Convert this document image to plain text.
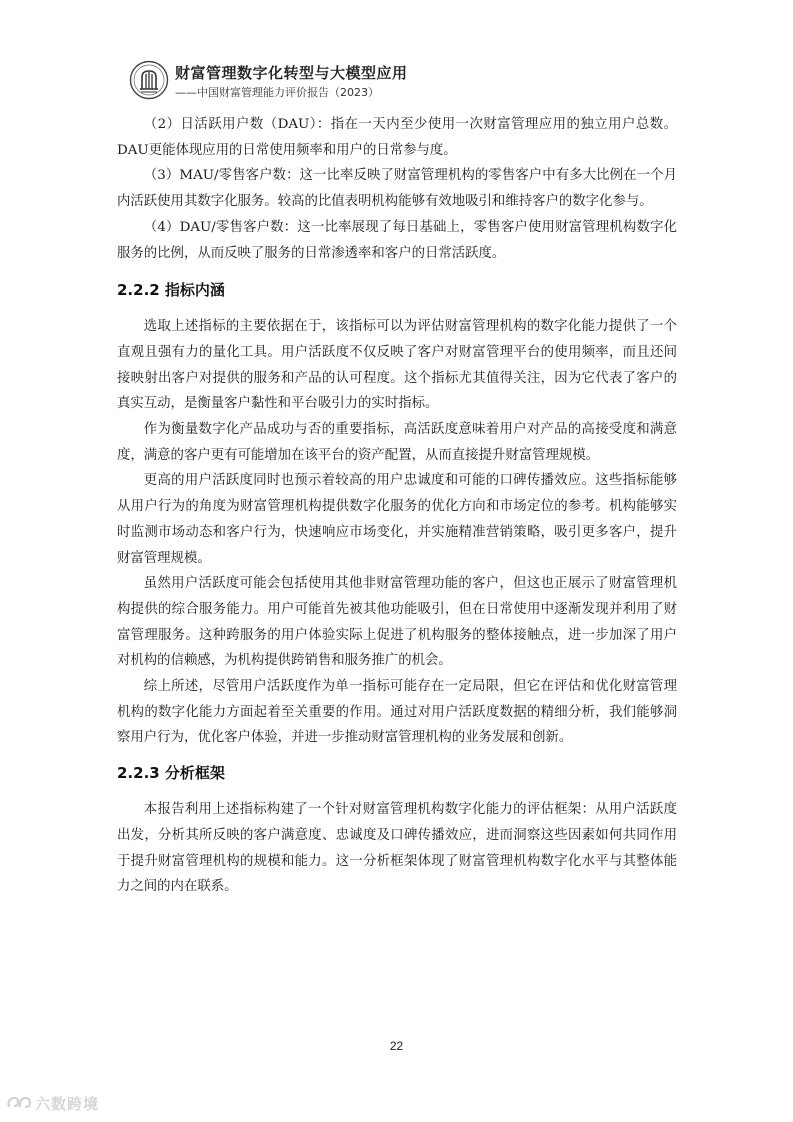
财富管理数字化转型与大模型应用
——中国财富管理能力评价报告（2023）

（2）日活跃用户数（DAU）：指在一天内至少使用一次财富管理应用的独立用户总数。DAU更能体现应用的日常使用频率和用户的日常参与度。

（3）MAU/零售客户数：这一比率反映了财富管理机构的零售客户中有多大比例在一个月内活跃使用其数字化服务。较高的比值表明机构能够有效地吸引和维持客户的数字化参与。

（4）DAU/零售客户数：这一比率展现了每日基础上，零售客户使用财富管理机构数字化服务的比例，从而反映了服务的日常渗透率和客户的日常活跃度。

2.2.2 指标内涵

选取上述指标的主要依据在于，该指标可以为评估财富管理机构的数字化能力提供了一个直观且强有力的量化工具。用户活跃度不仅反映了客户对财富管理平台的使用频率，而且还间接映射出客户对提供的服务和产品的认可程度。这个指标尤其值得关注，因为它代表了客户的真实互动，是衡量客户黏性和平台吸引力的实时指标。

作为衡量数字化产品成功与否的重要指标，高活跃度意味着用户对产品的高接受度和满意度，满意的客户更有可能增加在该平台的资产配置，从而直接提升财富管理规模。

更高的用户活跃度同时也预示着较高的用户忠诚度和可能的口碑传播效应。这些指标能够从用户行为的角度为财富管理机构提供数字化服务的优化方向和市场定位的参考。机构能够实时监测市场动态和客户行为，快速响应市场变化，并实施精准营销策略，吸引更多客户，提升财富管理规模。

虽然用户活跃度可能会包括使用其他非财富管理功能的客户，但这也正展示了财富管理机构提供的综合服务能力。用户可能首先被其他功能吸引，但在日常使用中逐渐发现并利用了财富管理服务。这种跨服务的用户体验实际上促进了机构服务的整体接触点，进一步加深了用户对机构的信赖感，为机构提供跨销售和服务推广的机会。

综上所述，尽管用户活跃度作为单一指标可能存在一定局限，但它在评估和优化财富管理机构的数字化能力方面起着至关重要的作用。通过对用户活跃度数据的精细分析，我们能够洞察用户行为，优化客户体验，并进一步推动财富管理机构的业务发展和创新。

2.2.3 分析框架

本报告利用上述指标构建了一个针对财富管理机构数字化能力的评估框架：从用户活跃度出发，分析其所反映的客户满意度、忠诚度及口碑传播效应，进而洞察这些因素如何共同作用于提升财富管理机构的规模和能力。这一分析框架体现了财富管理机构数字化水平与其整体能力之间的内在联系。

22
六数跨境
